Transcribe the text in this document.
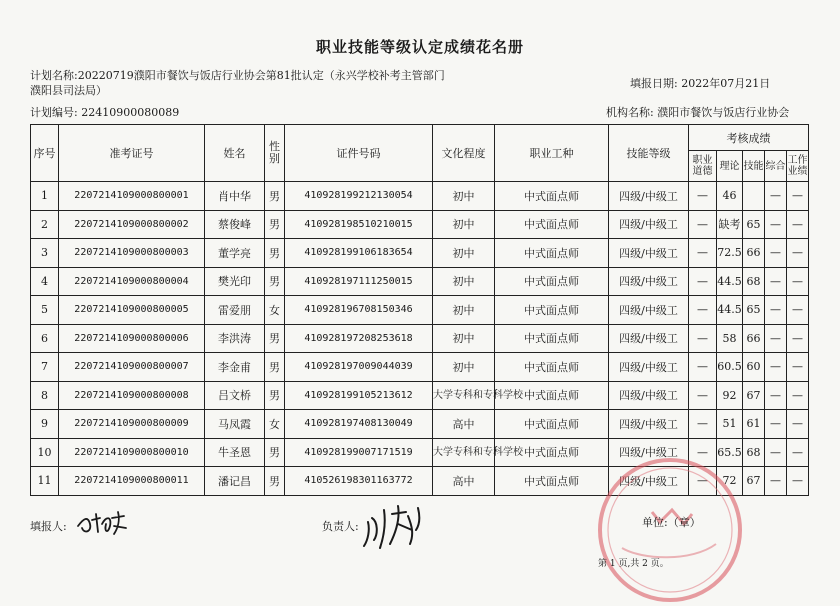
职业技能等级认定成绩花名册
计划名称:20220719濮阳市餐饮与饭店行业协会第81批认定（永兴学校补考主管部门
濮阳县司法局）
填报日期: 2022年07月21日
计划编号: 22410900080089	机构名称: 濮阳市餐饮与饭店行业协会
序号	准考证号	姓名	性别	证件号码	文化程度	职业工种	技能等级	考核成绩				
								职业道德	理论	技能	综合	工作业绩
1	2207214109000800001	肖中华	男	410928199212130054	初中	中式面点师	四级/中级工	—	46		—	—
2	2207214109000800002	蔡俊峰	男	410928198510210015	初中	中式面点师	四级/中级工	—	缺考	65	—	—
3	2207214109000800003	董学亮	男	410928199106183654	初中	中式面点师	四级/中级工	—	72.5	66	—	—
4	2207214109000800004	樊光印	男	410928197111250015	初中	中式面点师	四级/中级工	—	44.5	68	—	—
5	2207214109000800005	雷爱朋	女	410928196708150346	初中	中式面点师	四级/中级工	—	44.5	65	—	—
6	2207214109000800006	李洪涛	男	410928197208253618	初中	中式面点师	四级/中级工	—	58	66	—	—
7	2207214109000800007	李金甫	男	410928197009044039	初中	中式面点师	四级/中级工	—	60.5	60	—	—
8	2207214109000800008	吕文桥	男	410928199105213612	大学专科和专科学校	中式面点师	四级/中级工	—	92	67	—	—
9	2207214109000800009	马凤霞	女	410928197408130049	高中	中式面点师	四级/中级工	—	51	61	—	—
10	2207214109000800010	牛圣恩	男	410928199007171519	大学专科和专科学校	中式面点师	四级/中级工	—	65.5	68	—	—
11	2207214109000800011	潘记昌	男	410526198301163772	高中	中式面点师	四级/中级工	—	72	67	—	—
填报人:	负责人:	单位:（章）
第 1 页,共 2 页。
